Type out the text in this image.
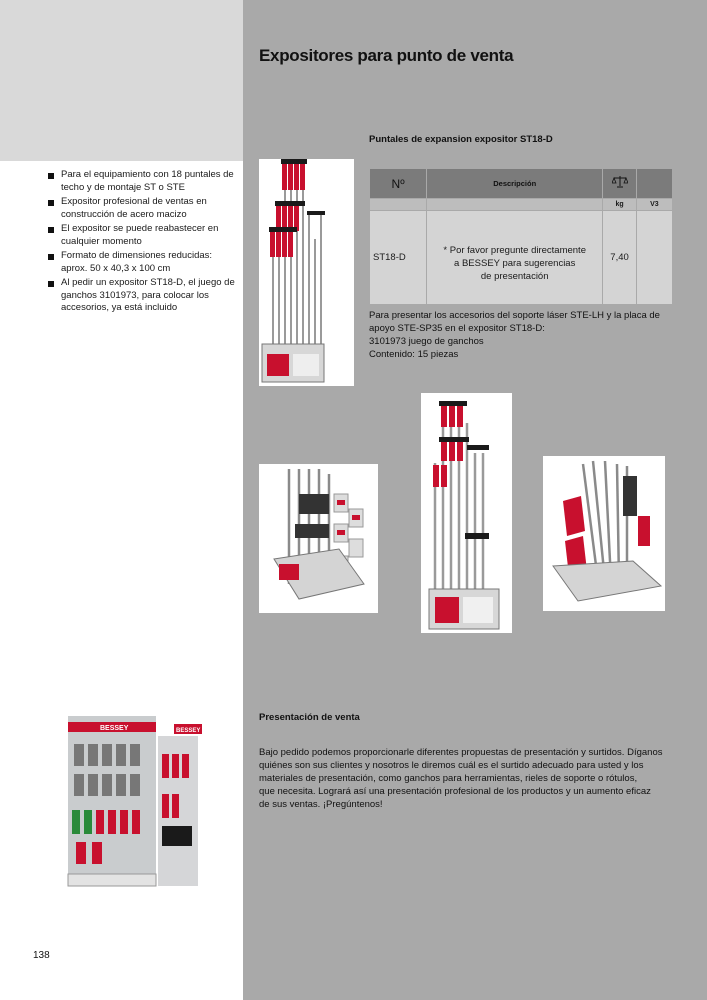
Expositores para punto de venta
Para el equipamiento con 18 puntales de techo y de montaje ST o STE
Expositor profesional de ventas en construcción de acero macizo
El expositor se puede reabastecer en cualquier momento
Formato de dimensiones reducidas: aprox. 50 x 40,3 x 100 cm
Al pedir un expositor ST18-D, el juego de ganchos 3101973, para colocar los accesorios, ya está incluido
Puntales de expansion expositor ST18-D
Nº	Descripción		
		kg	V3
ST18-D	* Por favor pregunte directamente
a BESSEY para sugerencias
de presentación	7,40	
Para presentar los accesorios del soporte láser STE-LH y la placa de
apoyo STE-SP35 en el expositor ST18-D:
3101973 juego de ganchos
Contenido: 15 piezas
BESSEY	BESSEY
Presentación de venta
Bajo pedido podemos proporcionarle diferentes propuestas de presentación y surtidos. Díganos
quiénes son sus clientes y nosotros le diremos cuál es el surtido adecuado para usted y los
materiales de presentación, como ganchos para herramientas, rieles de soporte o rótulos,
que necesita. Logrará así una presentación profesional de los productos y un aumento eficaz
de sus ventas. ¡Pregúntenos!
138
